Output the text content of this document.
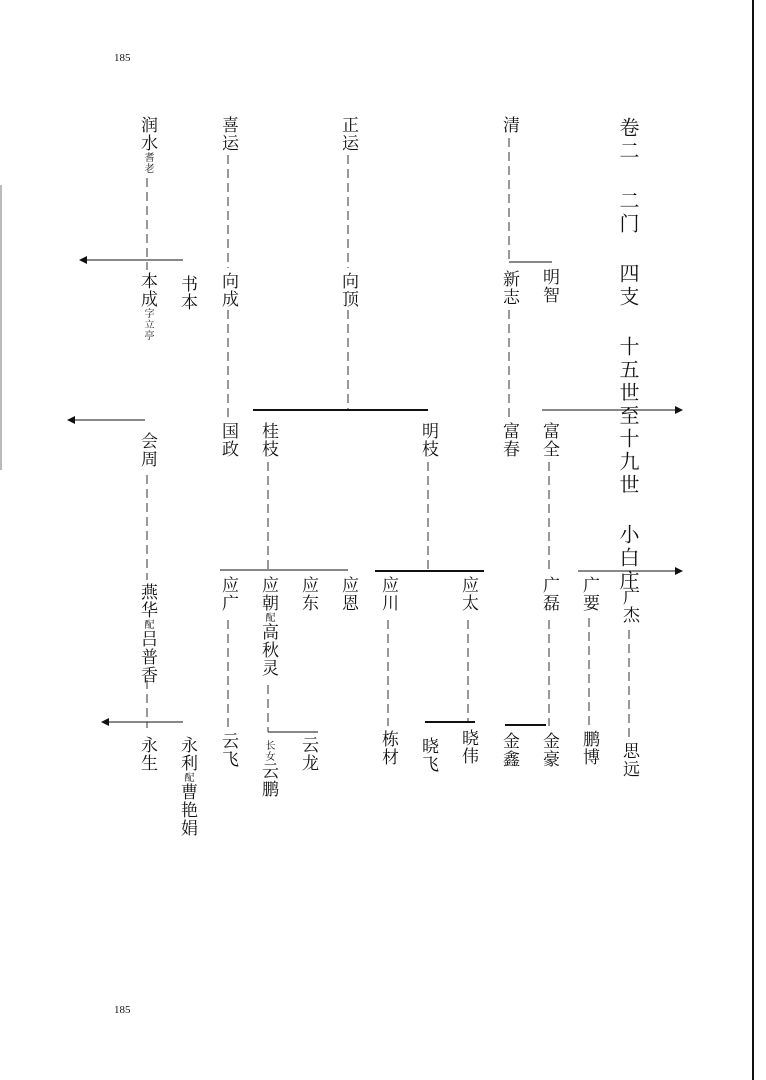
185
185
卷二 二门 四支 十五世至十九世 小白庄
润水耆老
本成字立亭
书本
会周
燕华配吕普香
永生 永利配曹艳娟
喜运
向成
国政
应广
云飞
正运
向顶
桂枝	明枝
应朝配高秋灵
应东 应恩
长女云鹏
云龙
应川	应太
栋材 晓飞 晓伟
清
新志 明智
富春 富全
广磊 广要 广杰
金鑫 金豪 鹏博 思远
